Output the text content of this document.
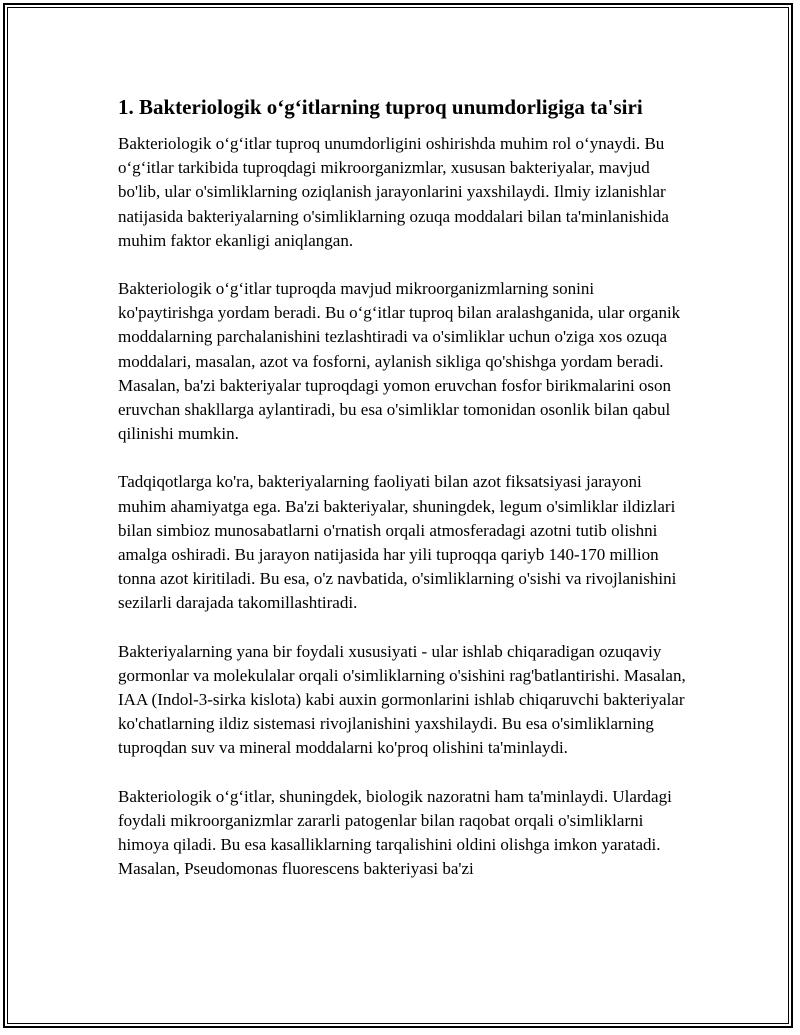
1. Bakteriologik o‘g‘itlarning tuproq unumdorligiga ta'siri

Bakteriologik o‘g‘itlar tuproq unumdorligini oshirishda muhim rol o‘ynaydi. Bu o‘g‘itlar tarkibida tuproqdagi mikroorganizmlar, xususan bakteriyalar, mavjud bo'lib, ular o'simliklarning oziqlanish jarayonlarini yaxshilaydi. Ilmiy izlanishlar natijasida bakteriyalarning o'simliklarning ozuqa moddalari bilan ta'minlanishida muhim faktor ekanligi aniqlangan.

Bakteriologik o‘g‘itlar tuproqda mavjud mikroorganizmlarning sonini ko'paytirishga yordam beradi. Bu o‘g‘itlar tuproq bilan aralashganida, ular organik moddalarning parchalanishini tezlashtiradi va o'simliklar uchun o'ziga xos ozuqa moddalari, masalan, azot va fosforni, aylanish sikliga qo'shishga yordam beradi. Masalan, ba'zi bakteriyalar tuproqdagi yomon eruvchan fosfor birikmalarini oson eruvchan shakllarga aylantiradi, bu esa o'simliklar tomonidan osonlik bilan qabul qilinishi mumkin.

Tadqiqotlarga ko'ra, bakteriyalarning faoliyati bilan azot fiksatsiyasi jarayoni muhim ahamiyatga ega. Ba'zi bakteriyalar, shuningdek, legum o'simliklar ildizlari bilan simbioz munosabatlarni o'rnatish orqali atmosferadagi azotni tutib olishni amalga oshiradi. Bu jarayon natijasida har yili tuproqqa qariyb 140-170 million tonna azot kiritiladi. Bu esa, o'z navbatida, o'simliklarning o'sishi va rivojlanishini sezilarli darajada takomillashtiradi.

Bakteriyalarning yana bir foydali xususiyati - ular ishlab chiqaradigan ozuqaviy gormonlar va molekulalar orqali o'simliklarning o'sishini rag'batlantirishi. Masalan, IAA (Indol-3-sirka kislota) kabi auxin gormonlarini ishlab chiqaruvchi bakteriyalar ko'chatlarning ildiz sistemasi rivojlanishini yaxshilaydi. Bu esa o'simliklarning tuproqdan suv va mineral moddalarni ko'proq olishini ta'minlaydi.

Bakteriologik o‘g‘itlar, shuningdek, biologik nazoratni ham ta'minlaydi. Ulardagi foydali mikroorganizmlar zararli patogenlar bilan raqobat orqali o'simliklarni himoya qiladi. Bu esa kasalliklarning tarqalishini oldini olishga imkon yaratadi. Masalan, Pseudomonas fluorescens bakteriyasi ba'zi
